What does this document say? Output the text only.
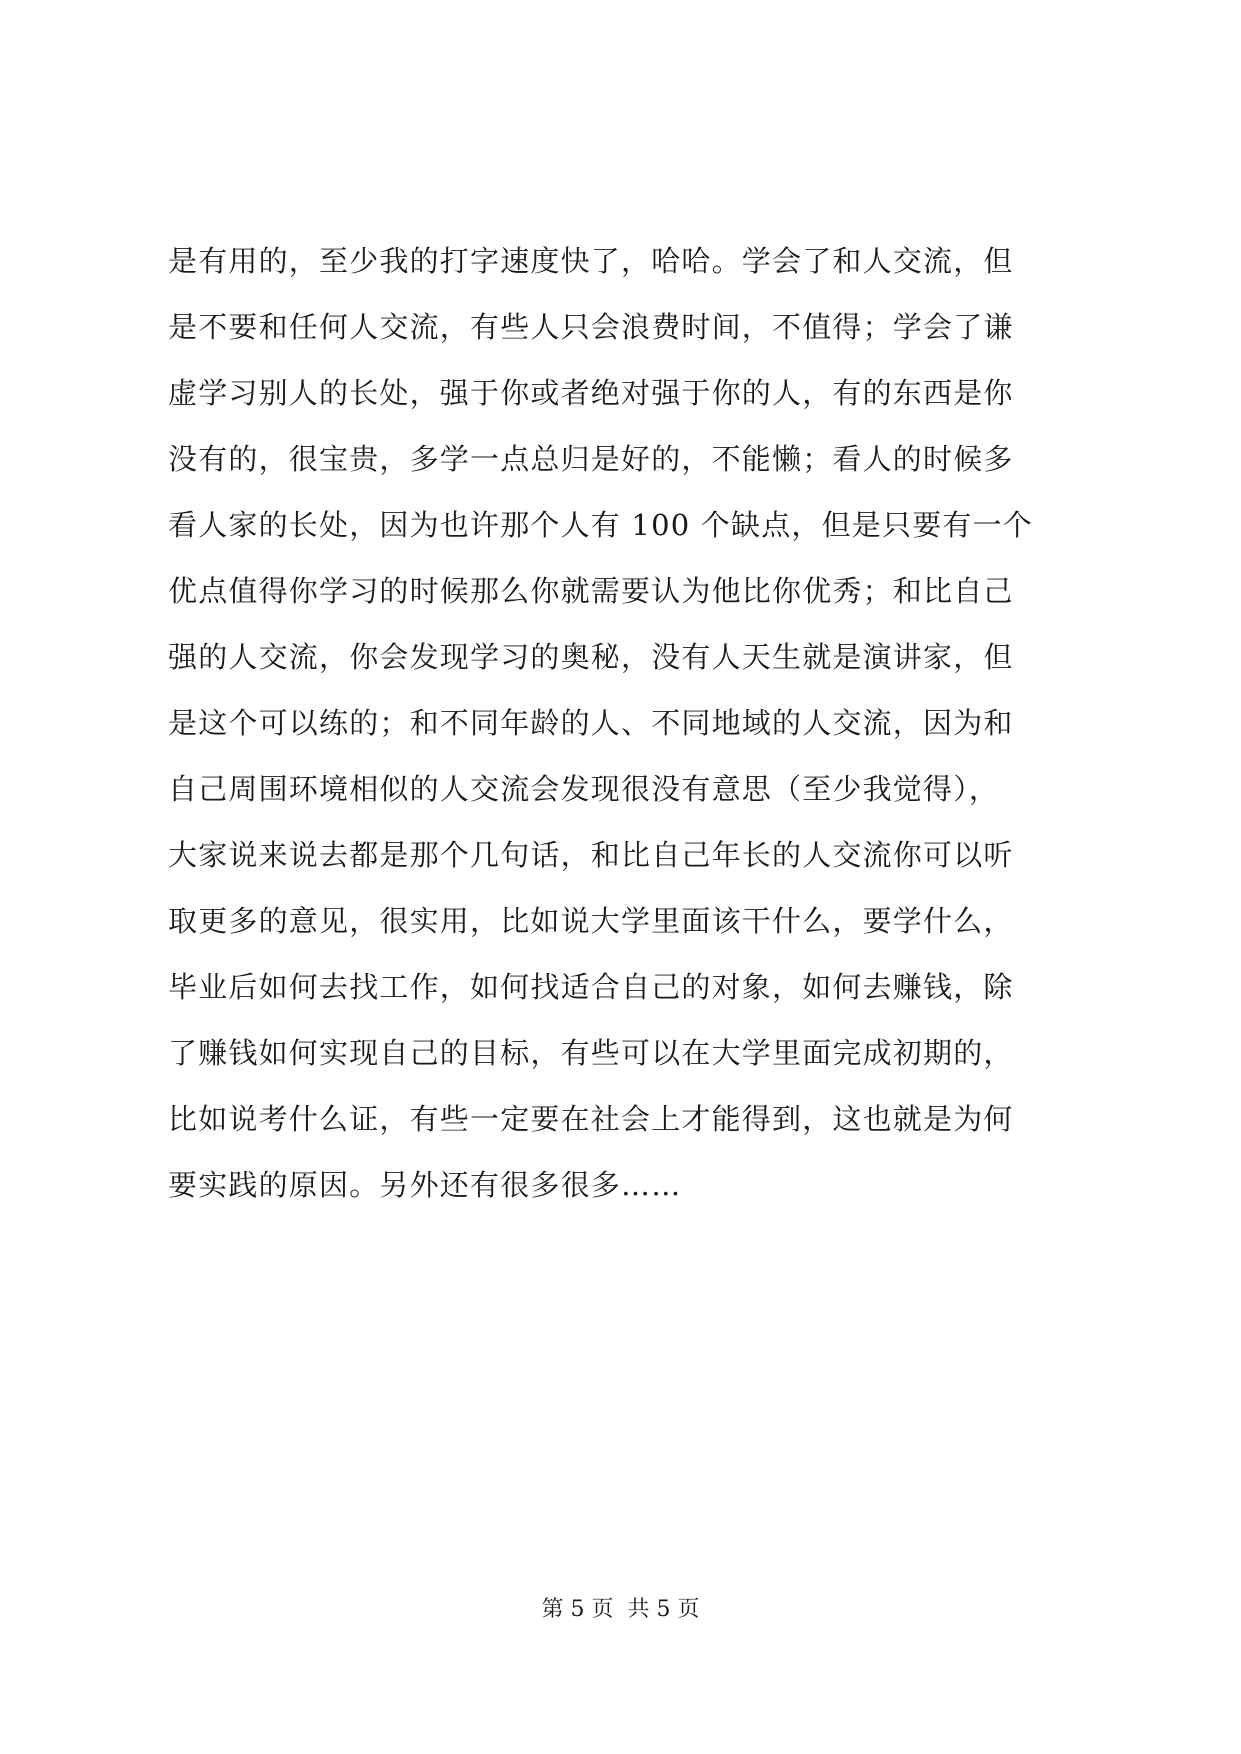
是有用的，至少我的打字速度快了，哈哈。学会了和人交流，但
是不要和任何人交流，有些人只会浪费时间，不值得；学会了谦
虚学习别人的长处，强于你或者绝对强于你的人，有的东西是你
没有的，很宝贵，多学一点总归是好的，不能懒；看人的时候多
看人家的长处，因为也许那个人有 100 个缺点，但是只要有一个
优点值得你学习的时候那么你就需要认为他比你优秀；和比自己
强的人交流，你会发现学习的奥秘，没有人天生就是演讲家，但
是这个可以练的；和不同年龄的人、不同地域的人交流，因为和
自己周围环境相似的人交流会发现很没有意思（至少我觉得），
大家说来说去都是那个几句话，和比自己年长的人交流你可以听
取更多的意见，很实用，比如说大学里面该干什么，要学什么，
毕业后如何去找工作，如何找适合自己的对象，如何去赚钱，除
了赚钱如何实现自己的目标，有些可以在大学里面完成初期的，
比如说考什么证，有些一定要在社会上才能得到，这也就是为何
要实践的原因。另外还有很多很多……
第 5 页  共 5 页
